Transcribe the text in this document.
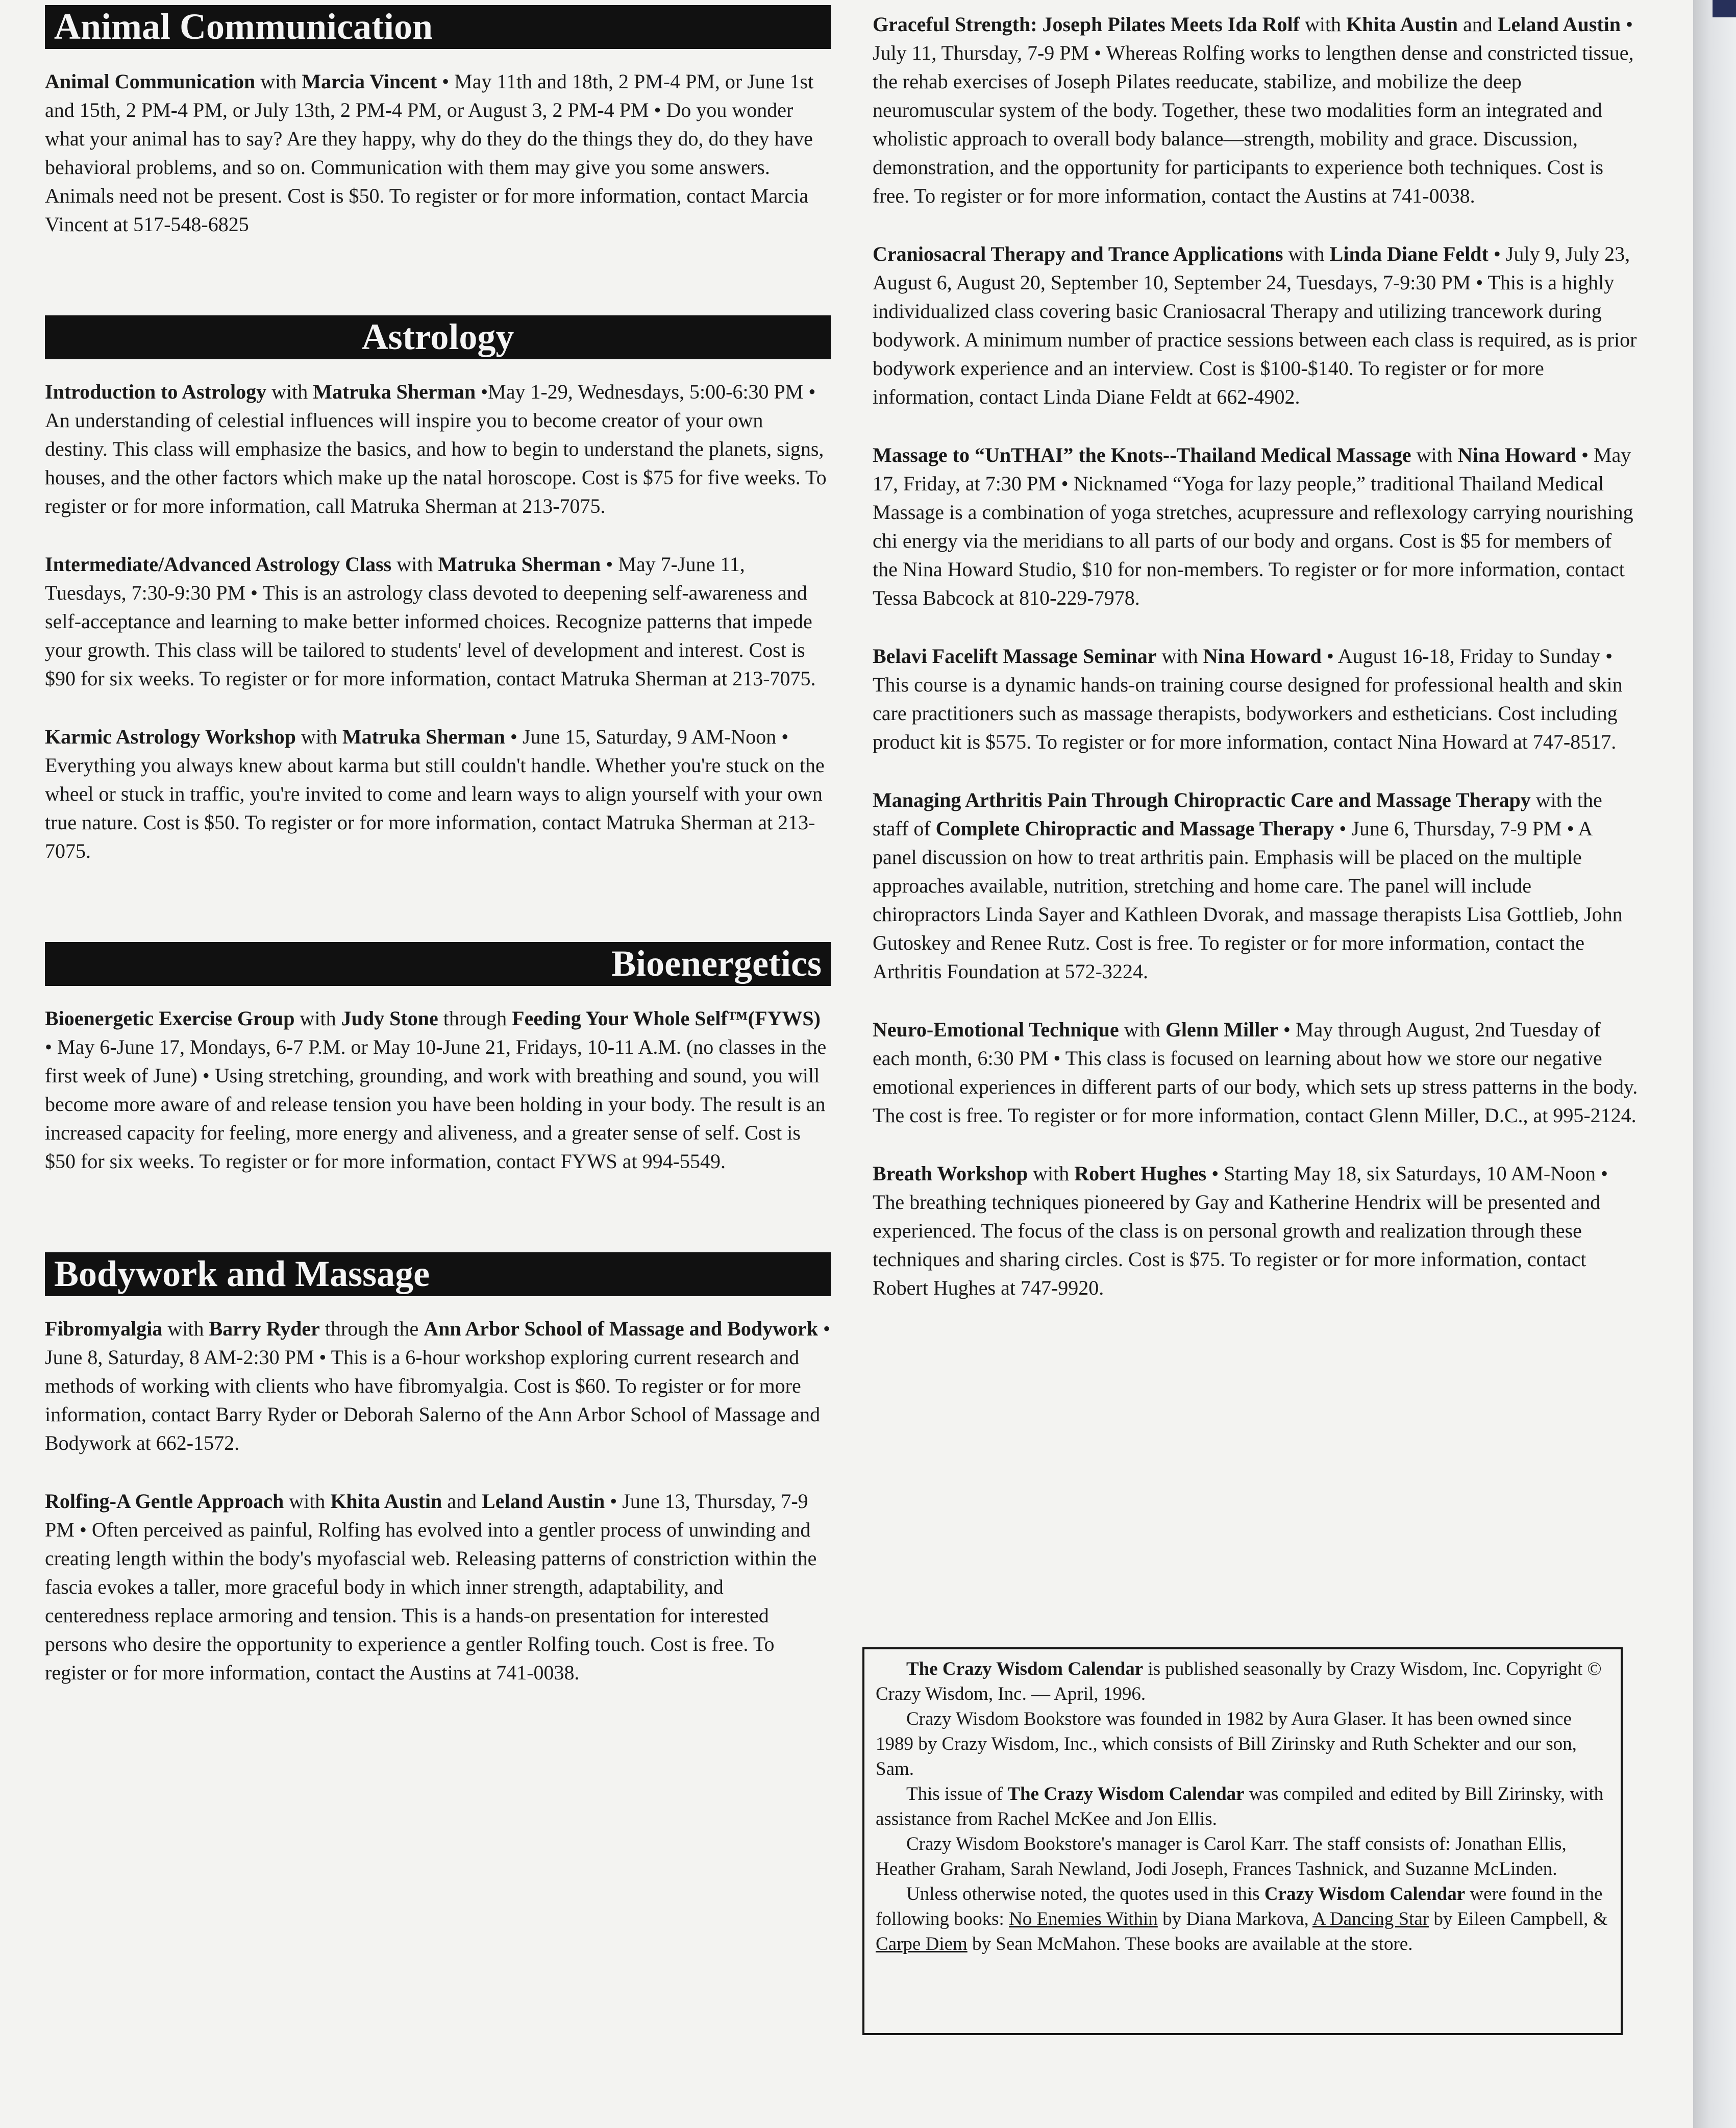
Animal Communication

Animal Communication with Marcia Vincent • May 11th and 18th, 2 PM-4 PM, or June 1st and 15th, 2 PM-4 PM, or July 13th, 2 PM-4 PM, or August 3, 2 PM-4 PM • Do you wonder what your animal has to say? Are they happy, why do they do the things they do, do they have behavioral problems, and so on. Communication with them may give you some answers. Animals need not be present. Cost is $50. To register or for more information, contact Marcia Vincent at 517-548-6825

Astrology

Introduction to Astrology with Matruka Sherman •May 1-29, Wednesdays, 5:00-6:30 PM • An understanding of celestial influences will inspire you to become creator of your own destiny. This class will emphasize the basics, and how to begin to understand the planets, signs, houses, and the other factors which make up the natal horoscope. Cost is $75 for five weeks. To register or for more information, call Matruka Sherman at 213-7075.

Intermediate/Advanced Astrology Class with Matruka Sherman • May 7-June 11, Tuesdays, 7:30-9:30 PM • This is an astrology class devoted to deepening self-awareness and self-acceptance and learning to make better informed choices. Recognize patterns that impede your growth. This class will be tailored to students' level of development and interest. Cost is $90 for six weeks. To register or for more information, contact Matruka Sherman at 213-7075.

Karmic Astrology Workshop with Matruka Sherman • June 15, Saturday, 9 AM-Noon • Everything you always knew about karma but still couldn't handle. Whether you're stuck on the wheel or stuck in traffic, you're invited to come and learn ways to align yourself with your own true nature. Cost is $50. To register or for more information, contact Matruka Sherman at 213-7075.

Bioenergetics

Bioenergetic Exercise Group with Judy Stone through Feeding Your Whole Self™(FYWS) • May 6-June 17, Mondays, 6-7 P.M. or May 10-June 21, Fridays, 10-11 A.M. (no classes in the first week of June) • Using stretching, grounding, and work with breathing and sound, you will become more aware of and release tension you have been holding in your body. The result is an increased capacity for feeling, more energy and aliveness, and a greater sense of self. Cost is $50 for six weeks. To register or for more information, contact FYWS at 994-5549.

Bodywork and Massage

Fibromyalgia with Barry Ryder through the Ann Arbor School of Massage and Bodywork • June 8, Saturday, 8 AM-2:30 PM • This is a 6-hour workshop exploring current research and methods of working with clients who have fibromyalgia. Cost is $60. To register or for more information, contact Barry Ryder or Deborah Salerno of the Ann Arbor School of Massage and Bodywork at 662-1572.

Rolfing-A Gentle Approach with Khita Austin and Leland Austin • June 13, Thursday, 7-9 PM • Often perceived as painful, Rolfing has evolved into a gentler process of unwinding and creating length within the body's myofascial web. Releasing patterns of constriction within the fascia evokes a taller, more graceful body in which inner strength, adaptability, and centeredness replace armoring and tension. This is a hands-on presentation for interested persons who desire the opportunity to experience a gentler Rolfing touch. Cost is free. To register or for more information, contact the Austins at 741-0038.

Graceful Strength: Joseph Pilates Meets Ida Rolf with Khita Austin and Leland Austin • July 11, Thursday, 7-9 PM • Whereas Rolfing works to lengthen dense and constricted tissue, the rehab exercises of Joseph Pilates reeducate, stabilize, and mobilize the deep neuromuscular system of the body. Together, these two modalities form an integrated and wholistic approach to overall body balance—strength, mobility and grace. Discussion, demonstration, and the opportunity for participants to experience both techniques. Cost is free. To register or for more information, contact the Austins at 741-0038.

Craniosacral Therapy and Trance Applications with Linda Diane Feldt • July 9, July 23, August 6, August 20, September 10, September 24, Tuesdays, 7-9:30 PM • This is a highly individualized class covering basic Craniosacral Therapy and utilizing trancework during bodywork. A minimum number of practice sessions between each class is required, as is prior bodywork experience and an interview. Cost is $100-$140. To register or for more information, contact Linda Diane Feldt at 662-4902.

Massage to “UnTHAI” the Knots--Thailand Medical Massage with Nina Howard • May 17, Friday, at 7:30 PM • Nicknamed “Yoga for lazy people,” traditional Thailand Medical Massage is a combination of yoga stretches, acupressure and reflexology carrying nourishing chi energy via the meridians to all parts of our body and organs. Cost is $5 for members of the Nina Howard Studio, $10 for non-members. To register or for more information, contact Tessa Babcock at 810-229-7978.

Belavi Facelift Massage Seminar with Nina Howard • August 16-18, Friday to Sunday • This course is a dynamic hands-on training course designed for professional health and skin care practitioners such as massage therapists, bodyworkers and estheticians. Cost including product kit is $575. To register or for more information, contact Nina Howard at 747-8517.

Managing Arthritis Pain Through Chiropractic Care and Massage Therapy with the staff of Complete Chiropractic and Massage Therapy • June 6, Thursday, 7-9 PM • A panel discussion on how to treat arthritis pain. Emphasis will be placed on the multiple approaches available, nutrition, stretching and home care. The panel will include chiropractors Linda Sayer and Kathleen Dvorak, and massage therapists Lisa Gottlieb, John Gutoskey and Renee Rutz. Cost is free. To register or for more information, contact the Arthritis Foundation at 572-3224.

Neuro-Emotional Technique with Glenn Miller • May through August, 2nd Tuesday of each month, 6:30 PM • This class is focused on learning about how we store our negative emotional experiences in different parts of our body, which sets up stress patterns in the body. The cost is free. To register or for more information, contact Glenn Miller, D.C., at 995-2124.

Breath Workshop with Robert Hughes • Starting May 18, six Saturdays, 10 AM-Noon • The breathing techniques pioneered by Gay and Katherine Hendrix will be presented and experienced. The focus of the class is on personal growth and realization through these techniques and sharing circles. Cost is $75. To register or for more information, contact Robert Hughes at 747-9920.

The Crazy Wisdom Calendar is published seasonally by Crazy Wisdom, Inc. Copyright © Crazy Wisdom, Inc. — April, 1996.

Crazy Wisdom Bookstore was founded in 1982 by Aura Glaser. It has been owned since 1989 by Crazy Wisdom, Inc., which consists of Bill Zirinsky and Ruth Schekter and our son, Sam.

This issue of The Crazy Wisdom Calendar was compiled and edited by Bill Zirinsky, with assistance from Rachel McKee and Jon Ellis.

Crazy Wisdom Bookstore's manager is Carol Karr. The staff consists of: Jonathan Ellis, Heather Graham, Sarah Newland, Jodi Joseph, Frances Tashnick, and Suzanne McLinden.

Unless otherwise noted, the quotes used in this Crazy Wisdom Calendar were found in the following books: No Enemies Within by Diana Markova, A Dancing Star by Eileen Campbell, & Carpe Diem by Sean McMahon. These books are available at the store.
